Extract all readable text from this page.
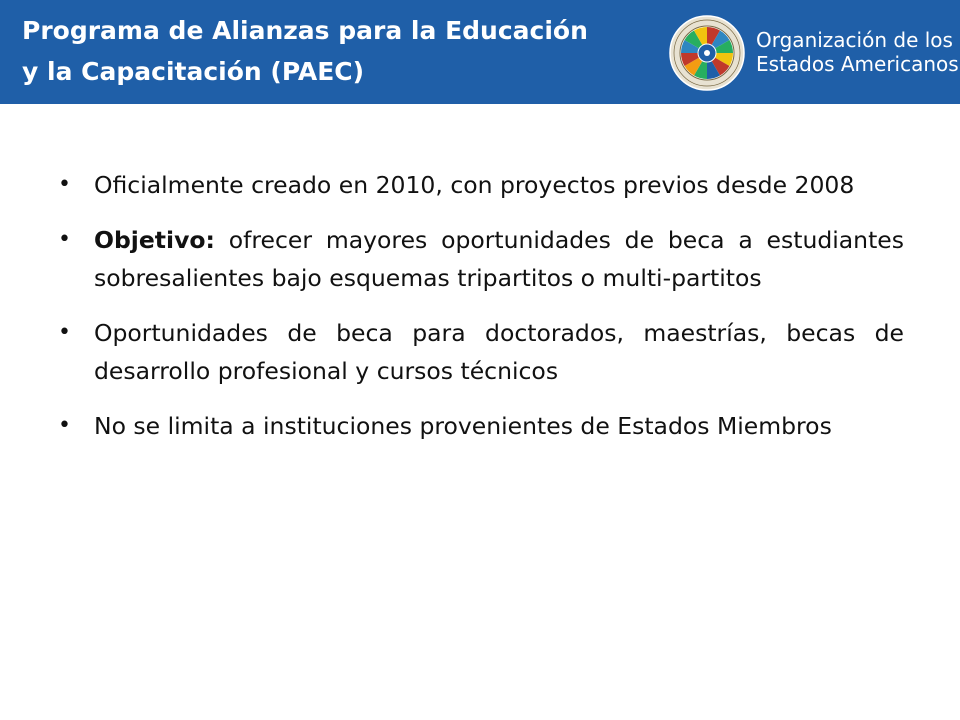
Programa de Alianzas para la Educación
y la Capacitación (PAEC)
Organización de los
Estados Americanos
• Oficialmente creado en 2010, con proyectos previos desde 2008
• Objetivo: ofrecer mayores oportunidades de beca a estudiantes sobresalientes bajo esquemas tripartitos o multi-partitos
• Oportunidades de beca para doctorados, maestrías, becas de desarrollo profesional y cursos técnicos
• No se limita a instituciones provenientes de Estados Miembros
